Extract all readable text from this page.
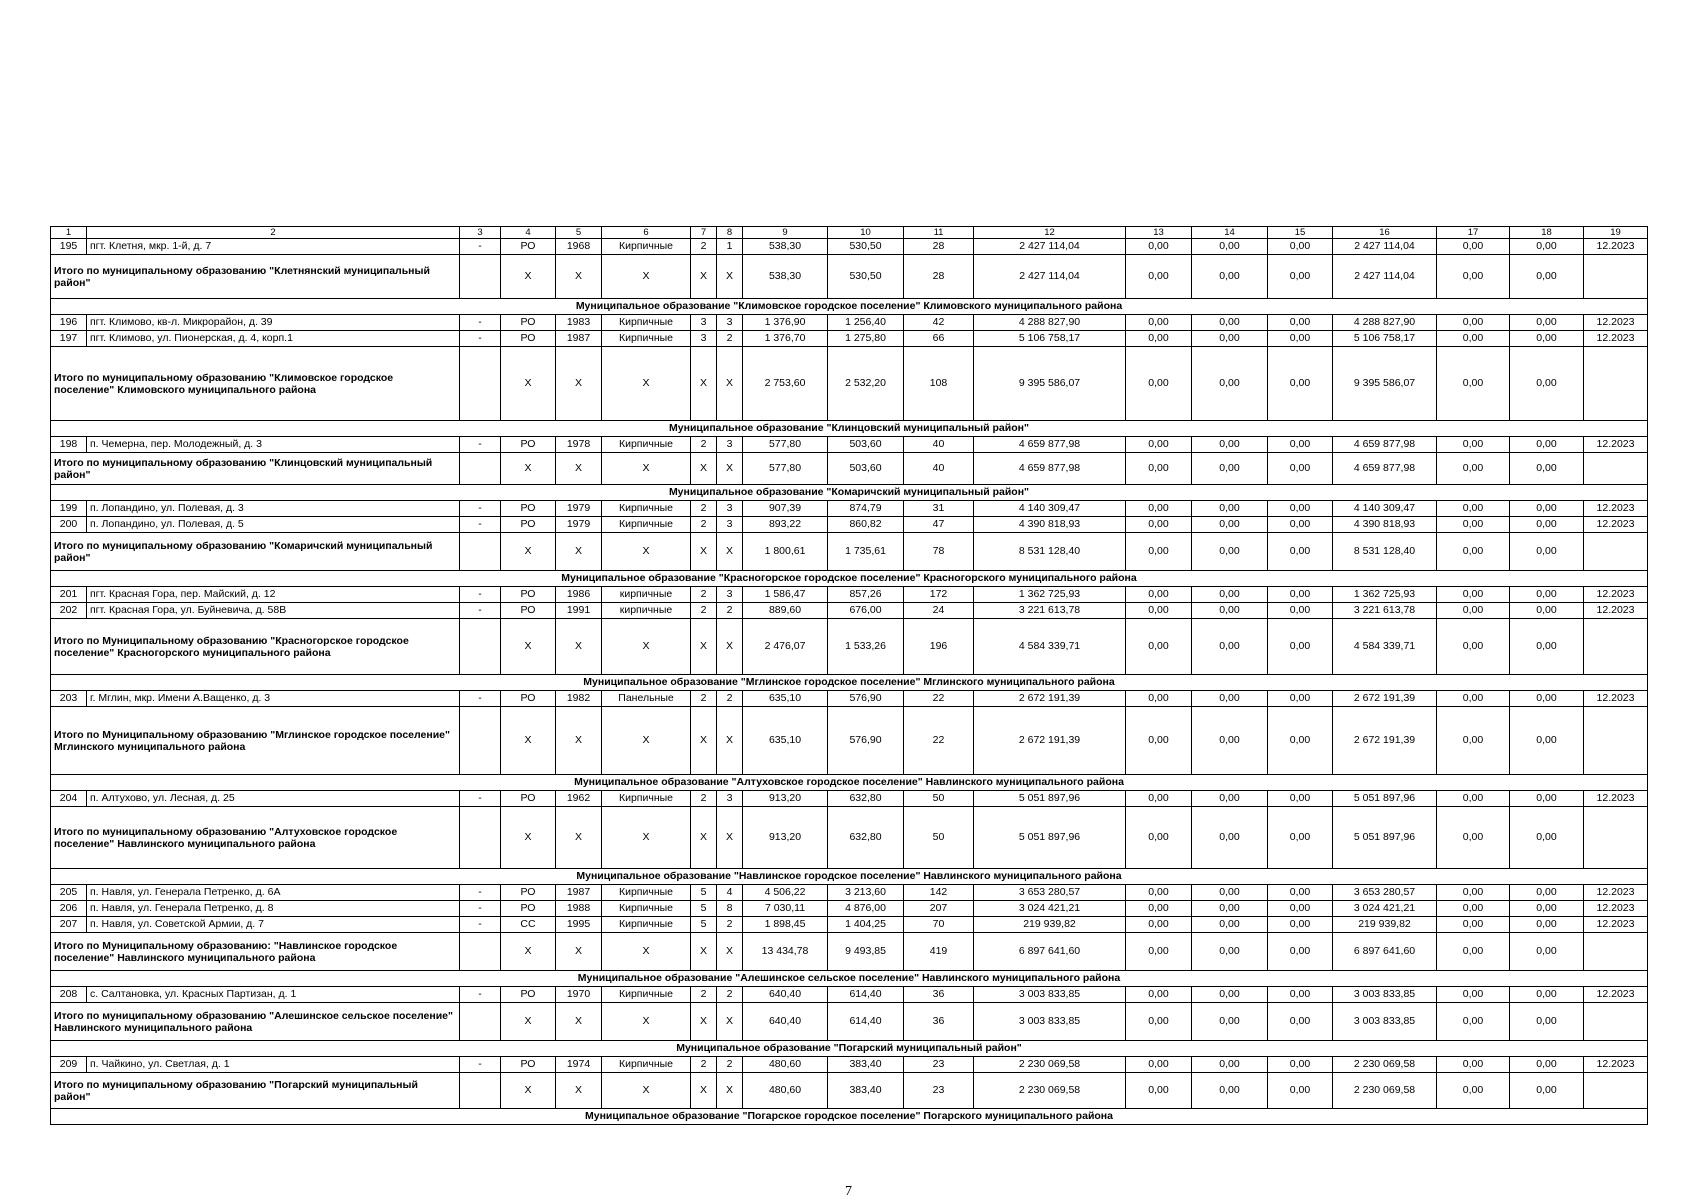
1	2	3	4	5	6	7	8	9	10	11	12	13	14	15	16	17	18	19
195	пгт. Клетня, мкр. 1-й, д. 7	-	РО	1968	Кирпичные	2	1	538,30	530,50	28	2 427 114,04	0,00	0,00	0,00	2 427 114,04	0,00	0,00	12.2023
Итого по муниципальному образованию "Клетнянский муниципальный район"			X	X	X	X	X	538,30	530,50	28	2 427 114,04	0,00	0,00	0,00	2 427 114,04	0,00	0,00	
Муниципальное образование "Климовское городское поселение" Климовского муниципального района																		
196	пгт. Климово, кв-л. Микрорайон, д. 39	-	РО	1983	Кирпичные	3	3	1 376,90	1 256,40	42	4 288 827,90	0,00	0,00	0,00	4 288 827,90	0,00	0,00	12.2023
197	пгт. Климово, ул. Пионерская, д. 4, корп.1	-	РО	1987	Кирпичные	3	2	1 376,70	1 275,80	66	5 106 758,17	0,00	0,00	0,00	5 106 758,17	0,00	0,00	12.2023
Итого по муниципальному образованию "Климовское городское поселение" Климовского муниципального района			X	X	X	X	X	2 753,60	2 532,20	108	9 395 586,07	0,00	0,00	0,00	9 395 586,07	0,00	0,00	
Муниципальное образование "Клинцовский муниципальный район"																		
198	п. Чемерна, пер. Молодежный, д. 3	-	РО	1978	Кирпичные	2	3	577,80	503,60	40	4 659 877,98	0,00	0,00	0,00	4 659 877,98	0,00	0,00	12.2023
Итого по муниципальному образованию "Клинцовский муниципальный район"			X	X	X	X	X	577,80	503,60	40	4 659 877,98	0,00	0,00	0,00	4 659 877,98	0,00	0,00	
Муниципальное образование "Комаричский муниципальный район"																		
199	п. Лопандино, ул. Полевая, д. 3	-	РО	1979	Кирпичные	2	3	907,39	874,79	31	4 140 309,47	0,00	0,00	0,00	4 140 309,47	0,00	0,00	12.2023
200	п. Лопандино, ул. Полевая, д. 5	-	РО	1979	Кирпичные	2	3	893,22	860,82	47	4 390 818,93	0,00	0,00	0,00	4 390 818,93	0,00	0,00	12.2023
Итого по муниципальному образованию "Комаричский муниципальный район"			X	X	X	X	X	1 800,61	1 735,61	78	8 531 128,40	0,00	0,00	0,00	8 531 128,40	0,00	0,00	
Муниципальное образование "Красногорское городское поселение" Красногорского муниципального района																		
201	пгт. Красная Гора, пер. Майский, д. 12	-	РО	1986	кирпичные	2	3	1 586,47	857,26	172	1 362 725,93	0,00	0,00	0,00	1 362 725,93	0,00	0,00	12.2023
202	пгт. Красная Гора, ул. Буйневича, д. 58В	-	РО	1991	кирпичные	2	2	889,60	676,00	24	3 221 613,78	0,00	0,00	0,00	3 221 613,78	0,00	0,00	12.2023
Итого по Муниципальному образованию "Красногорское городское поселение" Красногорского муниципального района			X	X	X	X	X	2 476,07	1 533,26	196	4 584 339,71	0,00	0,00	0,00	4 584 339,71	0,00	0,00	
Муниципальное образование "Мглинское городское поселение" Мглинского муниципального района																		
203	г. Мглин, мкр. Имени А.Ващенко, д. 3	-	РО	1982	Панельные	2	2	635,10	576,90	22	2 672 191,39	0,00	0,00	0,00	2 672 191,39	0,00	0,00	12.2023
Итого по Муниципальному образованию "Мглинское городское поселение" Мглинского муниципального района			X	X	X	X	X	635,10	576,90	22	2 672 191,39	0,00	0,00	0,00	2 672 191,39	0,00	0,00	
Муниципальное образование "Алтуховское городское поселение" Навлинского муниципального района																		
204	п. Алтухово, ул. Лесная, д. 25	-	РО	1962	Кирпичные	2	3	913,20	632,80	50	5 051 897,96	0,00	0,00	0,00	5 051 897,96	0,00	0,00	12.2023
Итого по муниципальному образованию "Алтуховское городское поселение" Навлинского муниципального района			X	X	X	X	X	913,20	632,80	50	5 051 897,96	0,00	0,00	0,00	5 051 897,96	0,00	0,00	
Муниципальное образование "Навлинское городское поселение" Навлинского муниципального района																		
205	п. Навля, ул. Генерала Петренко, д. 6А	-	РО	1987	Кирпичные	5	4	4 506,22	3 213,60	142	3 653 280,57	0,00	0,00	0,00	3 653 280,57	0,00	0,00	12.2023
206	п. Навля, ул. Генерала Петренко, д. 8	-	РО	1988	Кирпичные	5	8	7 030,11	4 876,00	207	3 024 421,21	0,00	0,00	0,00	3 024 421,21	0,00	0,00	12.2023
207	п. Навля, ул. Советской Армии, д. 7	-	СС	1995	Кирпичные	5	2	1 898,45	1 404,25	70	219 939,82	0,00	0,00	0,00	219 939,82	0,00	0,00	12.2023
Итого по Муниципальному образованию: "Навлинское городское поселение" Навлинского муниципального района			X	X	X	X	X	13 434,78	9 493,85	419	6 897 641,60	0,00	0,00	0,00	6 897 641,60	0,00	0,00	
Муниципальное образование "Алешинское сельское поселение" Навлинского муниципального района																		
208	с. Салтановка, ул. Красных Партизан, д. 1	-	РО	1970	Кирпичные	2	2	640,40	614,40	36	3 003 833,85	0,00	0,00	0,00	3 003 833,85	0,00	0,00	12.2023
Итого по муниципальному образованию "Алешинское сельское поселение" Навлинского муниципального района			X	X	X	X	X	640,40	614,40	36	3 003 833,85	0,00	0,00	0,00	3 003 833,85	0,00	0,00	
Муниципальное образование "Погарский муниципальный район"																		
209	п. Чайкино, ул. Светлая, д. 1	-	РО	1974	Кирпичные	2	2	480,60	383,40	23	2 230 069,58	0,00	0,00	0,00	2 230 069,58	0,00	0,00	12.2023
Итого по муниципальному образованию "Погарский муниципальный район"			X	X	X	X	X	480,60	383,40	23	2 230 069,58	0,00	0,00	0,00	2 230 069,58	0,00	0,00	
Муниципальное образование "Погарское городское поселение" Погарского муниципального района																		
7
